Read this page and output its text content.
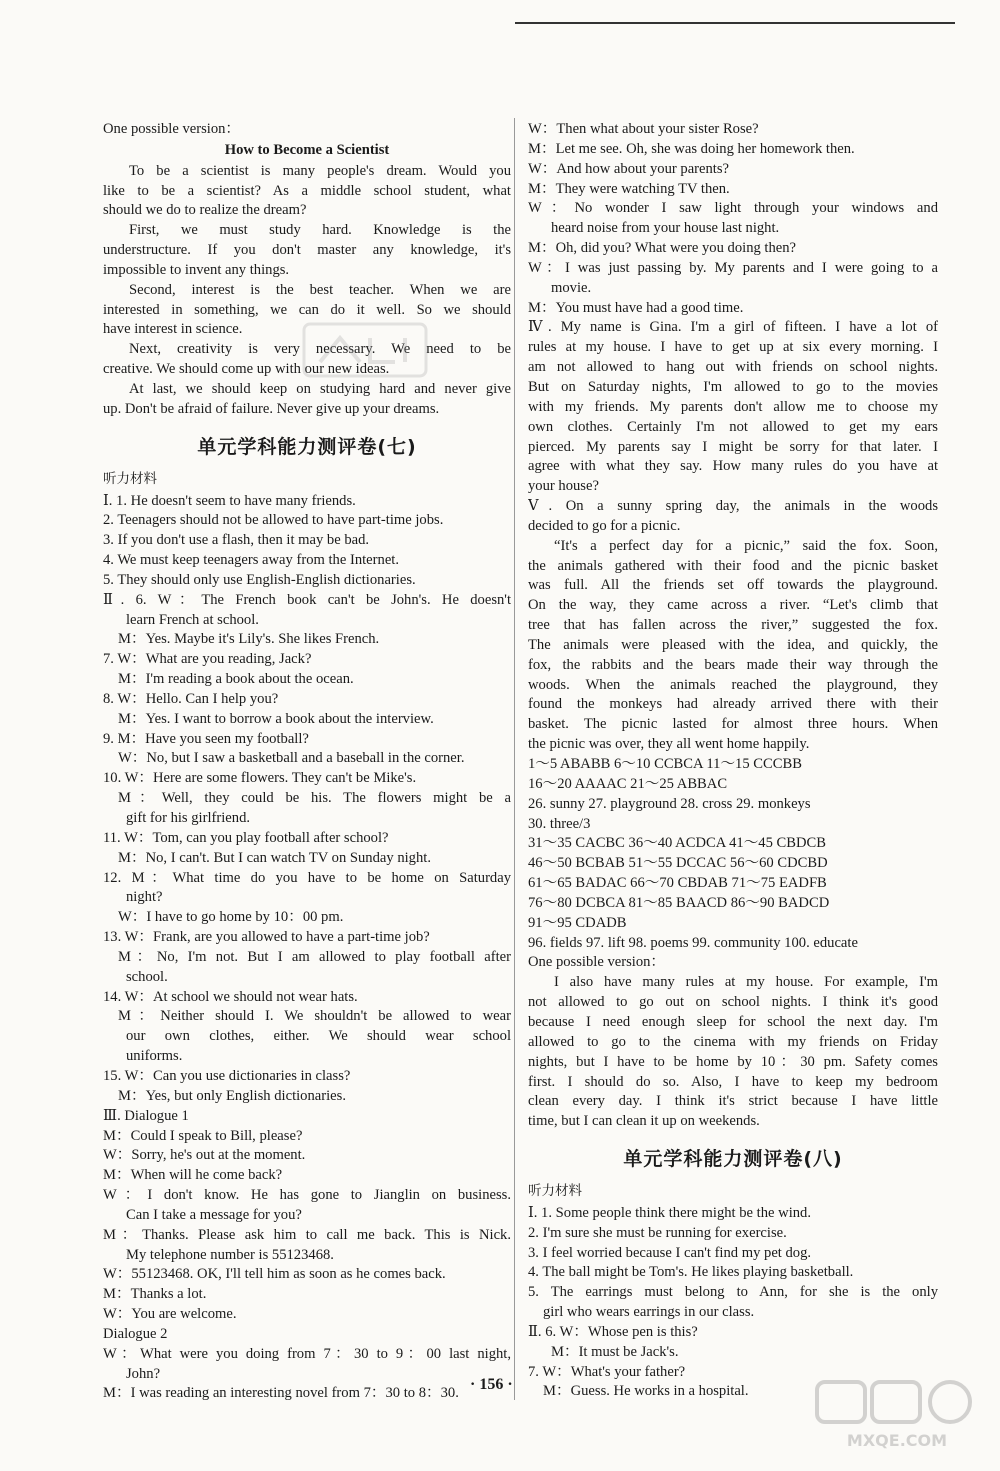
One possible version：
How to Become a Scientist
To be a scientist is many people's dream. Would you
like to be a scientist? As a middle school student, what
should we do to realize the dream?
First, we must study hard. Knowledge is the
understructure. If you don't master any knowledge, it's
impossible to invent any things.
Second, interest is the best teacher. When we are
interested in something, we can do it well. So we should
have interest in science.
Next, creativity is very necessary. We need to be
creative. We should come up with our new ideas.
At last, we should keep on studying hard and never give
up. Don't be afraid of failure. Never give up your dreams.
单元学科能力测评卷(七)
听力材料
Ⅰ. 1. He doesn't seem to have many friends.
2. Teenagers should not be allowed to have part-time jobs.
3. If you don't use a flash, then it may be bad.
4. We must keep teenagers away from the Internet.
5. They should only use English-English dictionaries.
Ⅱ. 6. W：The French book can't be John's. He doesn't
learn French at school.
M：Yes. Maybe it's Lily's. She likes French.
7. W：What are you reading, Jack?
M：I'm reading a book about the ocean.
8. W：Hello. Can I help you?
M：Yes. I want to borrow a book about the interview.
9. M：Have you seen my football?
W：No, but I saw a basketball and a baseball in the corner.
10. W：Here are some flowers. They can't be Mike's.
M：Well, they could be his. The flowers might be a
gift for his girlfriend.
11. W：Tom, can you play football after school?
M：No, I can't. But I can watch TV on Sunday night.
12. M：What time do you have to be home on Saturday
night?
W：I have to go home by 10：00 pm.
13. W：Frank, are you allowed to have a part-time job?
M：No, I'm not. But I am allowed to play football after
school.
14. W：At school we should not wear hats.
M：Neither should I. We shouldn't be allowed to wear
our own clothes, either. We should wear school
uniforms.
15. W：Can you use dictionaries in class?
M：Yes, but only English dictionaries.
Ⅲ. Dialogue 1
M：Could I speak to Bill, please?
W：Sorry, he's out at the moment.
M：When will he come back?
W：I don't know. He has gone to Jianglin on business.
Can I take a message for you?
M：Thanks. Please ask him to call me back. This is Nick.
My telephone number is 55123468.
W：55123468. OK, I'll tell him as soon as he comes back.
M：Thanks a lot.
W：You are welcome.
Dialogue 2
W：What were you doing from 7：30 to 9：00 last night,
John?
M：I was reading an interesting novel from 7：30 to 8：30.
W：Then what about your sister Rose?
M：Let me see. Oh, she was doing her homework then.
W：And how about your parents?
M：They were watching TV then.
W：No wonder I saw light through your windows and
heard noise from your house last night.
M：Oh, did you? What were you doing then?
W：I was just passing by. My parents and I were going to a
movie.
M：You must have had a good time.
Ⅳ. My name is Gina. I'm a girl of fifteen. I have a lot of
rules at my house. I have to get up at six every morning. I
am not allowed to hang out with friends on school nights.
But on Saturday nights, I'm allowed to go to the movies
with my friends. My parents don't allow me to choose my
own clothes. Certainly I'm not allowed to get my ears
pierced. My parents say I might be sorry for that later. I
agree with what they say. How many rules do you have at
your house?
Ⅴ. On a sunny spring day, the animals in the woods
decided to go for a picnic.
“It's a perfect day for a picnic,” said the fox. Soon,
the animals gathered with their food and the picnic basket
was full. All the friends set off towards the playground.
On the way, they came across a river. “Let's climb that
tree that has fallen across the river,” suggested the fox.
The animals were pleased with the idea, and quickly, the
fox, the rabbits and the bears made their way through the
woods. When the animals reached the playground, they
found the monkeys had already arrived there with their
basket. The picnic lasted for almost three hours. When
the picnic was over, they all went home happily.
1～5 ABABB 6～10 CCBCA 11～15 CCCBB
16～20 AAAAC 21～25 ABBAC
26. sunny 27. playground 28. cross 29. monkeys
30. three/3
31～35 CACBC 36～40 ACDCA 41～45 CBDCB
46～50 BCBAB 51～55 DCCAC 56～60 CDCBD
61～65 BADAC 66～70 CBDAB 71～75 EADFB
76～80 DCBCA 81～85 BAACD 86～90 BADCD
91～95 CDADB
96. fields 97. lift 98. poems 99. community 100. educate
One possible version：
I also have many rules at my house. For example, I'm
not allowed to go out on school nights. I think it's good
because I need enough sleep for school the next day. I'm
allowed to go to the cinema with my friends on Friday
nights, but I have to be home by 10：30 pm. Safety comes
first. I should do so. Also, I have to keep my bedroom
clean every day. I think it's strict because I have little
time, but I can clean it up on weekends.
单元学科能力测评卷(八)
听力材料
Ⅰ. 1. Some people think there might be the wind.
2. I'm sure she must be running for exercise.
3. I feel worried because I can't find my pet dog.
4. The ball might be Tom's. He likes playing basketball.
5. The earrings must belong to Ann, for she is the only
girl who wears earrings in our class.
Ⅱ. 6. W：Whose pen is this?
M：It must be Jack's.
7. W：What's your father?
M：Guess. He works in a hospital.
· 156 ·
MXQE.COM
